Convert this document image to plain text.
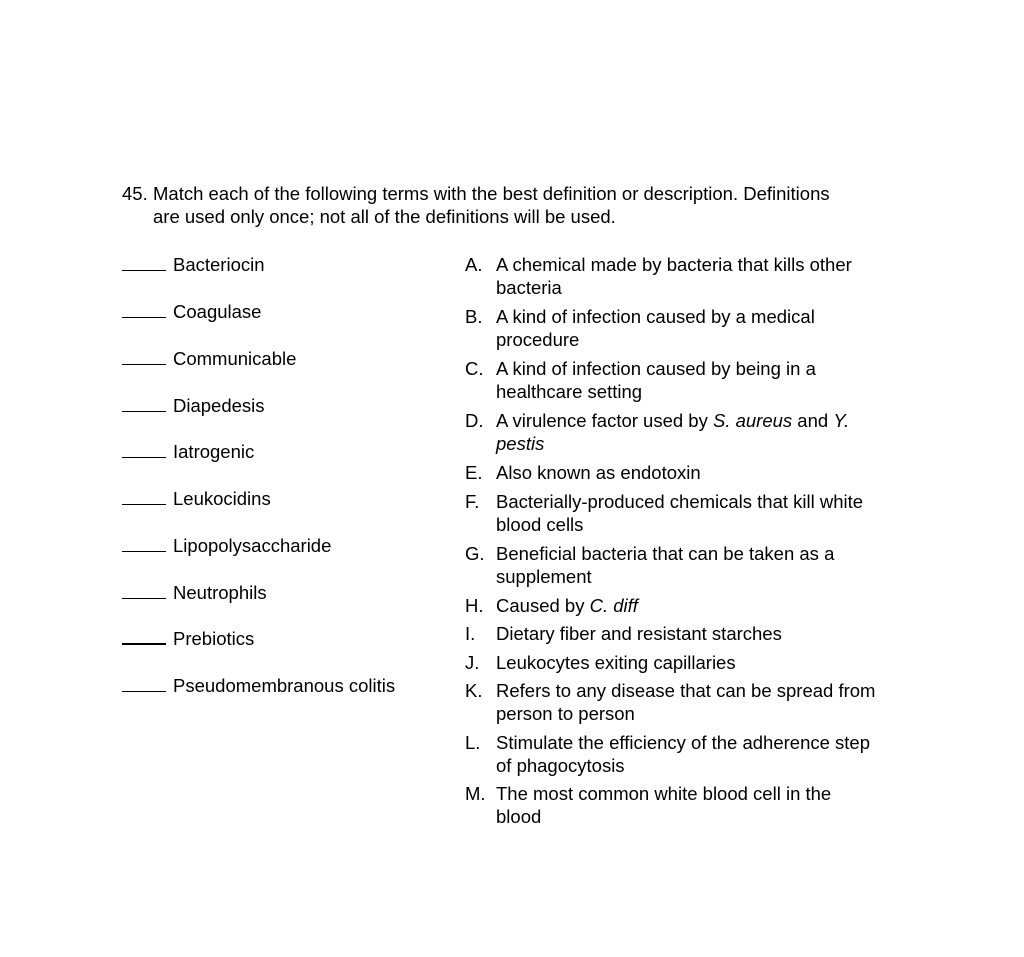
45. Match each of the following terms with the best definition or description. Definitions
are used only once; not all of the definitions will be used.
Bacteriocin
Coagulase
Communicable
Diapedesis
Iatrogenic
Leukocidins
Lipopolysaccharide
Neutrophils
Prebiotics
Pseudomembranous colitis
A. A chemical made by bacteria that kills other
bacteria
B. A kind of infection caused by a medical
procedure
C. A kind of infection caused by being in a
healthcare setting
D. A virulence factor used by S. aureus and Y.
pestis
E. Also known as endotoxin
F. Bacterially-produced chemicals that kill white
blood cells
G. Beneficial bacteria that can be taken as a
supplement
H. Caused by C. diff
I. Dietary fiber and resistant starches
J. Leukocytes exiting capillaries
K. Refers to any disease that can be spread from
person to person
L. Stimulate the efficiency of the adherence step
of phagocytosis
M. The most common white blood cell in the
blood
